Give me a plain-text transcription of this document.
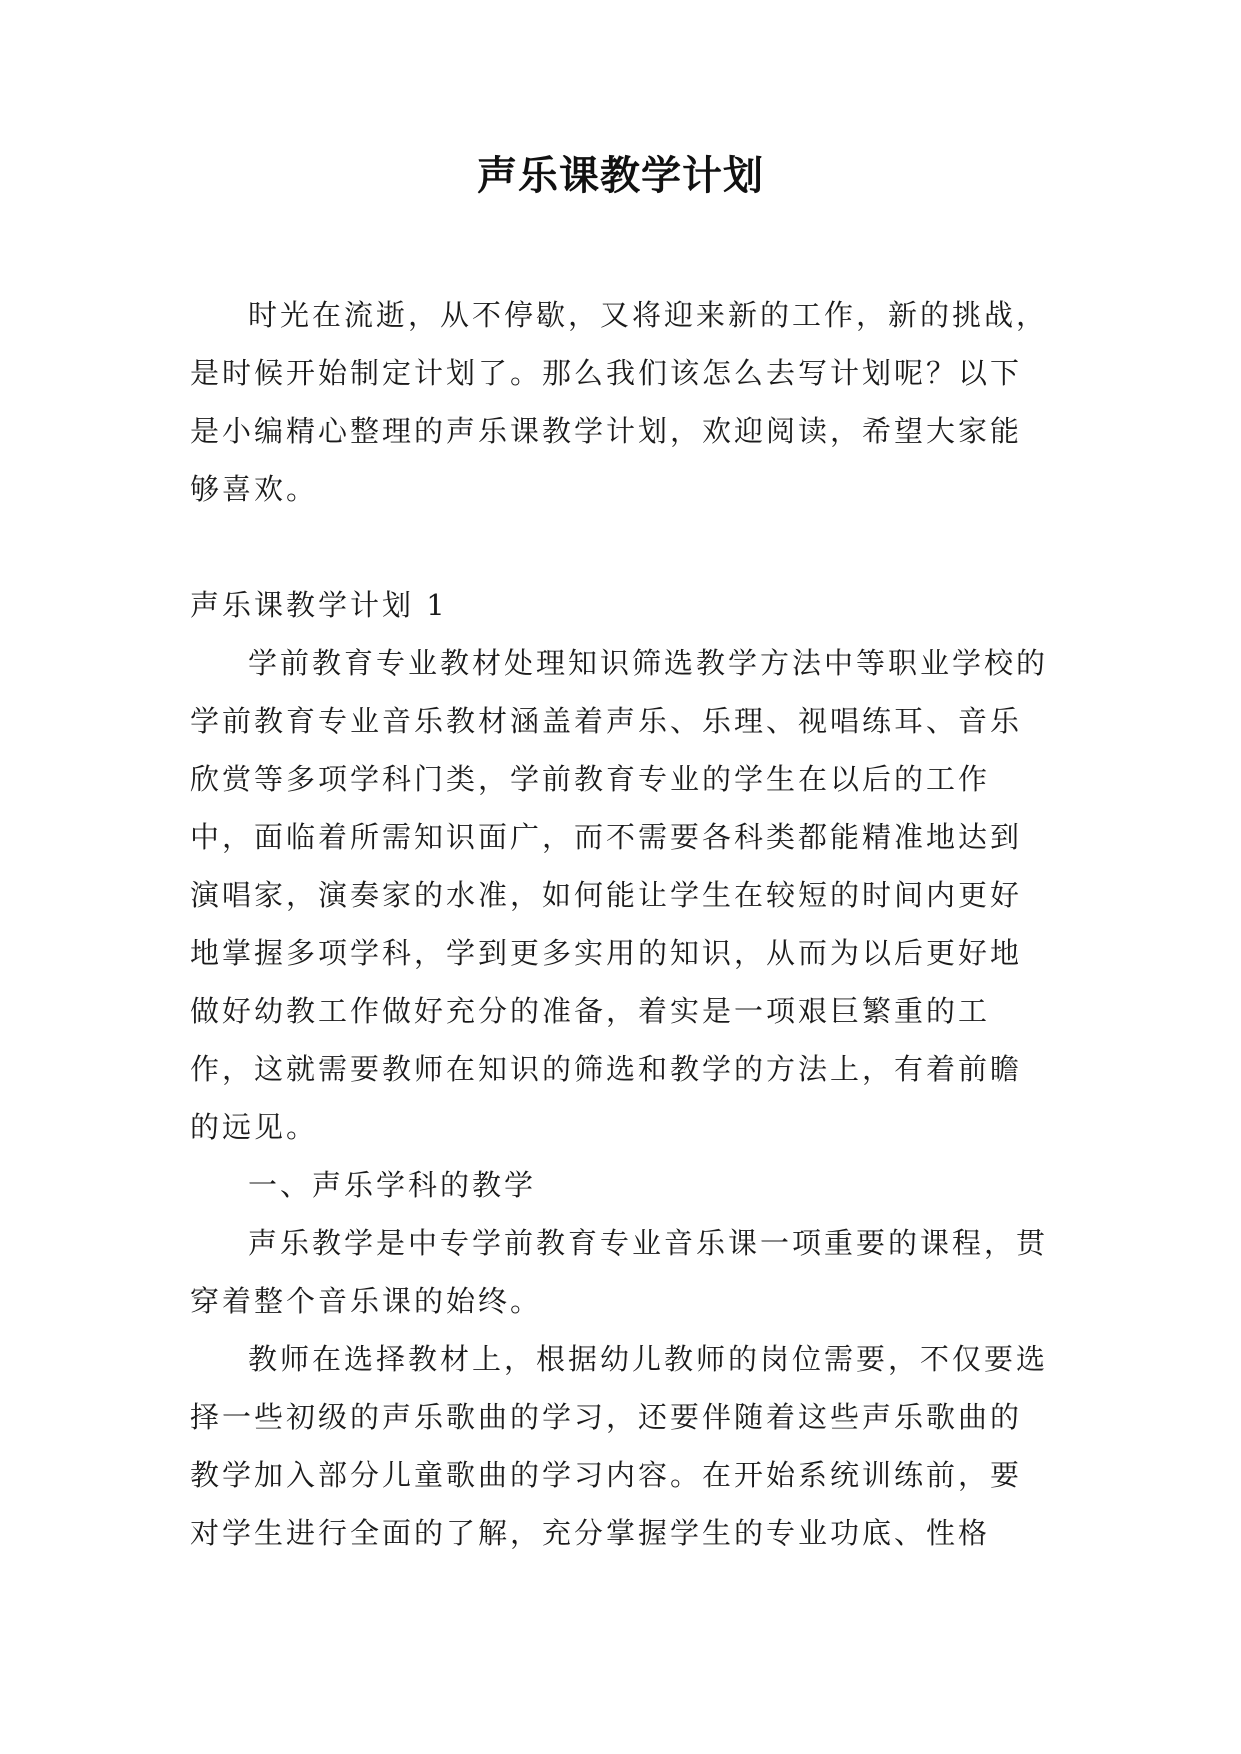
声乐课教学计划

时光在流逝，从不停歇，又将迎来新的工作，新的挑战，是时候开始制定计划了。那么我们该怎么去写计划呢？以下是小编精心整理的声乐课教学计划，欢迎阅读，希望大家能够喜欢。

声乐课教学计划 1

学前教育专业教材处理知识筛选教学方法中等职业学校的学前教育专业音乐教材涵盖着声乐、乐理、视唱练耳、音乐欣赏等多项学科门类，学前教育专业的学生在以后的工作中，面临着所需知识面广，而不需要各科类都能精准地达到演唱家，演奏家的水准，如何能让学生在较短的时间内更好地掌握多项学科，学到更多实用的知识，从而为以后更好地做好幼教工作做好充分的准备，着实是一项艰巨繁重的工作，这就需要教师在知识的筛选和教学的方法上，有着前瞻的远见。

一、声乐学科的教学

声乐教学是中专学前教育专业音乐课一项重要的课程，贯穿着整个音乐课的始终。

教师在选择教材上，根据幼儿教师的岗位需要，不仅要选择一些初级的声乐歌曲的学习，还要伴随着这些声乐歌曲的教学加入部分儿童歌曲的学习内容。在开始系统训练前，要对学生进行全面的了解，充分掌握学生的专业功底、性格
